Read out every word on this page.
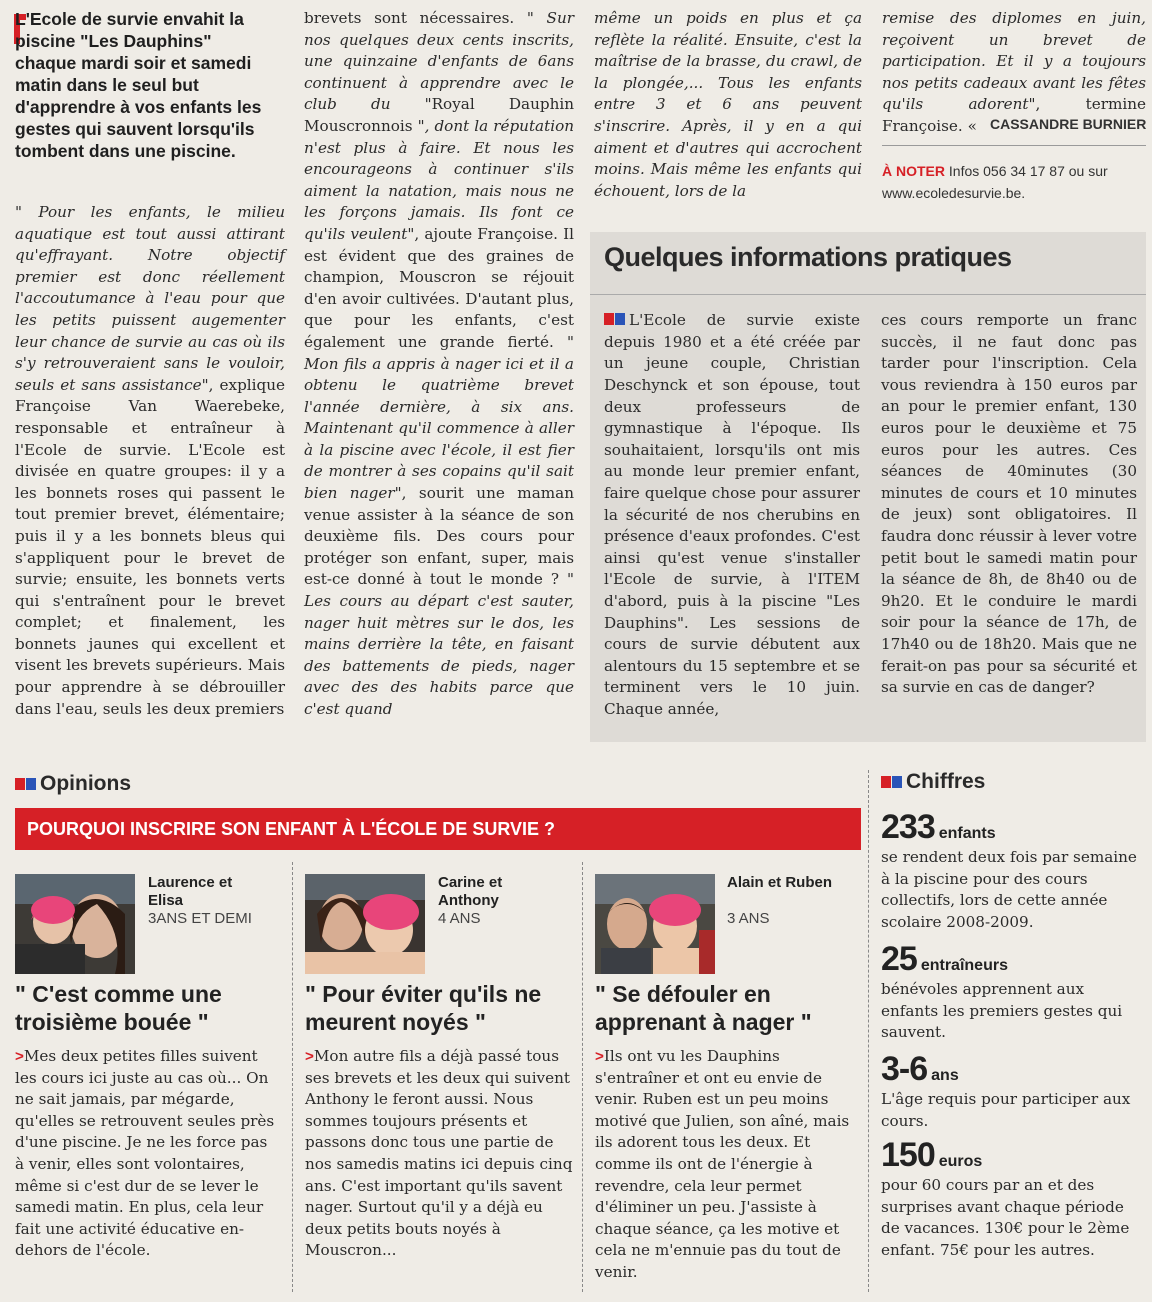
L'Ecole de survie envahit la piscine "Les Dauphins" chaque mardi soir et samedi matin dans le seul but d'apprendre à vos enfants les gestes qui sauvent lorsqu'ils tombent dans une piscine.
" Pour les enfants, le milieu aquatique est tout aussi attirant qu'effrayant. Notre objectif premier est donc réellement l'accoutumance à l'eau pour que les petits puissent augementer leur chance de survie au cas où ils s'y retrouveraient sans le vouloir, seuls et sans assistance", explique Françoise Van Waerebeke, responsable et entraîneur à l'Ecole de survie. L'Ecole est divisée en quatre groupes: il y a les bonnets roses qui passent le tout premier brevet, élémentaire; puis il y a les bonnets bleus qui s'appliquent pour le brevet de survie; ensuite, les bonnets verts qui s'entraînent pour le brevet complet; et finalement, les bonnets jaunes qui excellent et visent les brevets supérieurs. Mais pour apprendre à se débrouiller dans l'eau, seuls les deux premiers
brevets sont nécessaires. " Sur nos quelques deux cents inscrits, une quinzaine d'enfants de 6ans continuent à apprendre avec le club du "Royal Dauphin Mouscronnois ", dont la réputation n'est plus à faire. Et nous les encourageons à continuer s'ils aiment la natation, mais nous ne les forçons jamais. Ils font ce qu'ils veulent", ajoute Françoise. Il est évident que des graines de champion, Mouscron se réjouit d'en avoir cultivées. D'autant plus, que pour les enfants, c'est également une grande fierté. " Mon fils a appris à nager ici et il a obtenu le quatrième brevet l'année dernière, à six ans. Maintenant qu'il commence à aller à la piscine avec l'école, il est fier de montrer à ses copains qu'il sait bien nager", sourit une maman venue assister à la séance de son deuxième fils. Des cours pour protéger son enfant, super, mais est-ce donné à tout le monde ? " Les cours au départ c'est sauter, nager huit mètres sur le dos, les mains derrière la tête, en faisant des battements de pieds, nager avec des des habits parce que c'est quand
même un poids en plus et ça reflète la réalité. Ensuite, c'est la maîtrise de la brasse, du crawl, de la plongée,... Tous les enfants entre 3 et 6 ans peuvent s'inscrire. Après, il y en a qui aiment et d'autres qui accrochent moins. Mais même les enfants qui échouent, lors de la
remise des diplomes en juin, reçoivent un brevet de participation. Et il y a toujours nos petits cadeaux avant les fêtes qu'ils adorent", termine Françoise. « CASSANDRE BURNIER
À NOTER Infos 056 34 17 87 ou sur www.ecoledesurvie.be.
Quelques informations pratiques
L'Ecole de survie existe depuis 1980 et a été créée par un jeune couple, Christian Deschynck et son épouse, tout deux professeurs de gymnastique à l'époque. Ils souhaitaient, lorsqu'ils ont mis au monde leur premier enfant, faire quelque chose pour assurer la sécurité de nos cherubins en présence d'eaux profondes. C'est ainsi qu'est venue s'installer l'Ecole de survie, à l'ITEM d'abord, puis à la piscine "Les Dauphins". Les sessions de cours de survie débutent aux alentours du 15 septembre et se terminent vers le 10 juin. Chaque année,
ces cours remporte un franc succès, il ne faut donc pas tarder pour l'inscription. Cela vous reviendra à 150 euros par an pour le premier enfant, 130 euros pour le deuxième et 75 euros pour les autres. Ces séances de 40minutes (30 minutes de cours et 10 minutes de jeux) sont obligatoires. Il faudra donc réussir à lever votre petit bout le samedi matin pour la séance de 8h, de 8h40 ou de 9h20. Et le conduire le mardi soir pour la séance de 17h, de 17h40 ou de 18h20. Mais que ne ferait-on pas pour sa sécurité et sa survie en cas de danger?
Opinions
POURQUOI INSCRIRE SON ENFANT À L'ÉCOLE DE SURVIE ?
Laurence et Elisa
3ANS ET DEMI
" C'est comme une troisième bouée "
>Mes deux petites filles suivent les cours ici juste au cas où... On ne sait jamais, par mégarde, qu'elles se retrouvent seules près d'une piscine. Je ne les force pas à venir, elles sont volontaires, même si c'est dur de se lever le samedi matin. En plus, cela leur fait une activité éducative en-dehors de l'école.
Carine et Anthony
4 ANS
" Pour éviter qu'ils ne meurent noyés "
>Mon autre fils a déjà passé tous ses brevets et les deux qui suivent Anthony le feront aussi. Nous sommes toujours présents et passons donc tous une partie de nos samedis matins ici depuis cinq ans. C'est important qu'ils savent nager. Surtout qu'il y a déjà eu deux petits bouts noyés à Mouscron...
Alain et Ruben
3 ANS
" Se défouler en apprenant à nager "
>Ils ont vu les Dauphins s'entraîner et ont eu envie de venir. Ruben est un peu moins motivé que Julien, son aîné, mais ils adorent tous les deux. Et comme ils ont de l'énergie à revendre, cela leur permet d'éliminer un peu. J'assiste à chaque séance, ça les motive et cela ne m'ennuie pas du tout de venir.
Chiffres
233 enfants
se rendent deux fois par semaine à la piscine pour des cours collectifs, lors de cette année scolaire 2008-2009.
25 entraîneurs
bénévoles apprennent aux enfants les premiers gestes qui sauvent.
3-6 ans
L'âge requis pour participer aux cours.
150 euros
pour 60 cours par an et des surprises avant chaque période de vacances. 130€ pour le 2ème enfant. 75€ pour les autres.
